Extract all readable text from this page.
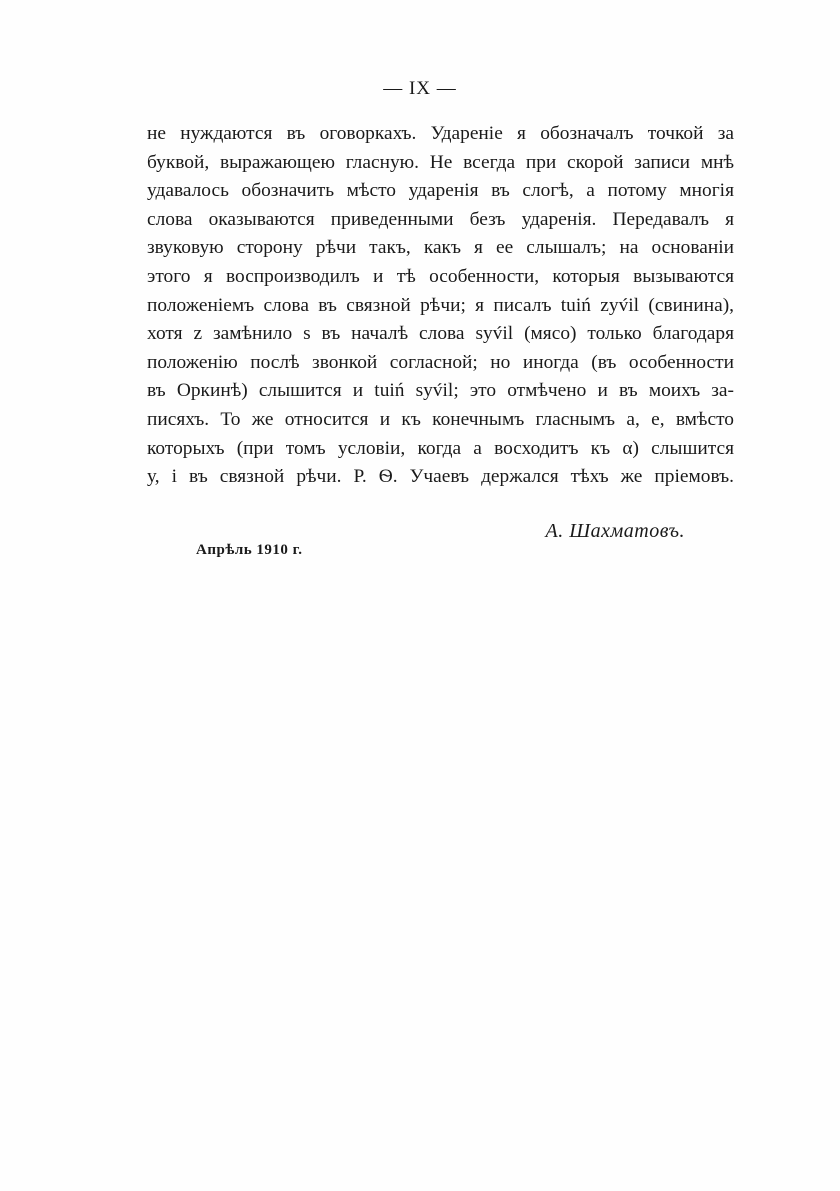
— IX —
не нуждаются въ оговоркахъ. Удареніе я обозначалъ точкой за
буквой, выражающею гласную. Не всегда при скорой записи мнѣ
удавалось обозначить мѣсто ударенія въ слогѣ, а потому многія
слова оказываются приведенными безъ ударенія. Передавалъ я
звуковую сторону рѣчи такъ, какъ я ее слышалъ; на основаніи
этого я воспроизводилъ и тѣ особенности, которыя вызываются
положеніемъ слова въ связной рѣчи; я писалъ tuiń zyv́il (свинина),
хотя z замѣнило s въ началѣ слова syv́il (мясо) только благодаря
положенію послѣ звонкой согласной; но иногда (въ особенности
въ Оркинѣ) слышится и tuiń syv́il; это отмѣчено и въ моихъ за-
писяхъ. То же относится и къ конечнымъ гласнымъ а, е, вмѣсто
которыхъ (при томъ условіи, когда а восходитъ къ α) слышится
у, і въ связной рѣчи. Р. Ѳ. Учаевъ держался тѣхъ же пріемовъ.
А. Шахматовъ.
Апрѣль 1910 г.
